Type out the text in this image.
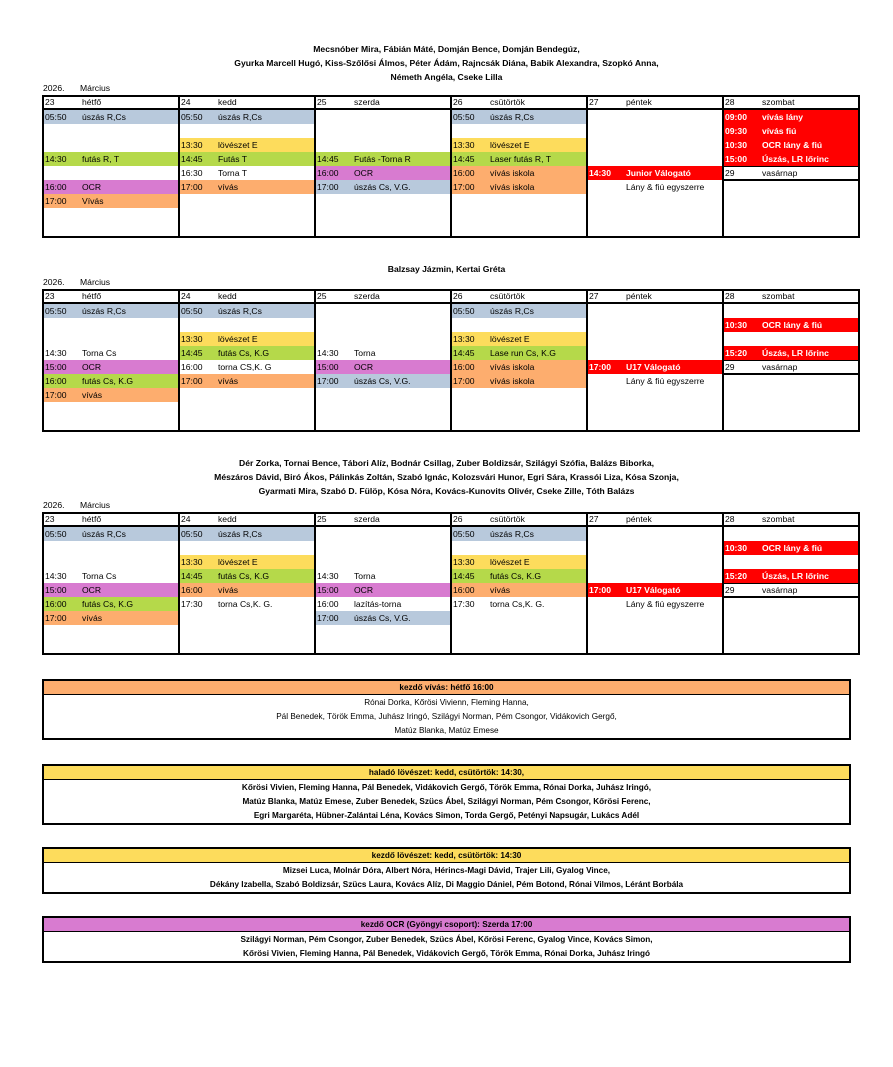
Mecsnóber Mira, Fábián Máté, Domján Bence, Domján Bendegúz,
Gyurka Marcell Hugó, Kiss-Szőlősi Álmos, Péter Ádám, Rajncsák Diána, Babik Alexandra, Szopkó Anna,
Németh Angéla, Cseke Lilla
2026. Március
23	hétfő
05:50	úszás R,Cs
14:30	futás R, T
16:00	OCR
17:00	Vívás

24	kedd
05:50	úszás R,Cs
13:30	lövészet E
14:45	Futás T
16:30	Torna T
17:00	vívás

25	szerda
14:45	Futás -Torna R
16:00	OCR
17:00	úszás Cs, V.G.

26	csütörtök
05:50	úszás R,Cs
13:30	lövészet E
14:45	Laser futás R, T
16:00	vívás iskola
17:00	vívás iskola

27	péntek
14:30	Junior Válogató
Lány & fiú egyszerre

28	szombat
09:00	vívás lány
09:30	vívás fiú
10:30	OCR lány & fiú
15:00	Úszás, LR lőrinc
29	vasárnap
Balzsay Jázmin, Kertai Gréta
2026. Március
23	hétfő
05:50	úszás R,Cs
14:30	Torna Cs
15:00	OCR
16:00	futás Cs, K.G
17:00	vívás

24	kedd
05:50	úszás R,Cs
13:30	lövészet E
14:45	futás Cs, K.G
16:00	torna CS,K. G
17:00	vívás

25	szerda
14:30	Torna
15:00	OCR
17:00	úszás Cs, V.G.

26	csütörtök
05:50	úszás R,Cs
13:30	lövészet E
14:45	Lase run Cs, K.G
16:00	vívás iskola
17:00	vívás iskola

27	péntek
17:00	U17 Válogató
Lány & fiú egyszerre

28	szombat
10:30	OCR lány & fiú
15:20	Úszás, LR lőrinc
29	vasárnap
Dér Zorka, Tornai Bence, Tábori Alíz, Bodnár Csillag, Zuber Boldizsár, Szilágyi Szófia, Balázs Biborka,
Mészáros Dávid, Biró Ákos, Pálinkás Zoltán, Szabó Ignác, Kolozsvári Hunor, Egri Sára, Krassói Liza, Kósa Szonja,
Gyarmati Mira, Szabó D. Fülöp, Kósa Nóra, Kovács-Kunovits Olivér, Cseke Zille, Tóth Balázs
2026. Március
23	hétfő
05:50	úszás R,Cs
14:30	Torna Cs
15:00	OCR
16:00	futás Cs, K.G
17:00	vívás

24	kedd
05:50	úszás R,Cs
13:30	lövészet E
14:45	futás Cs, K.G
16:00	vívás
17:30	torna Cs,K. G.

25	szerda
14:30	Torna
15:00	OCR
16:00	lazítás-torna
17:00	úszás Cs, V.G.

26	csütörtök
05:50	úszás R,Cs
13:30	lövészet E
14:45	futás Cs, K.G
16:00	vívás
17:30	torna Cs,K. G.

27	péntek
17:00	U17 Válogató
Lány & fiú egyszerre

28	szombat
10:30	OCR lány & fiú
15:20	Úszás, LR lőrinc
29	vasárnap
kezdő vívás: hétfő 16:00
Rónai Dorka, Kőrösi Vivienn, Fleming Hanna,
Pál Benedek, Török Emma, Juhász Iringó, Szilágyi Norman, Pém Csongor, Vidákovich Gergő,
Matúz Blanka, Matúz Emese
haladó lövészet: kedd, csütörtök: 14:30,
Kőrösi Vivien, Fleming Hanna, Pál Benedek, Vidákovich Gergő, Török Emma, Rónai Dorka, Juhász Iringó,
Matúz Blanka, Matúz Emese, Zuber Benedek, Szücs Ábel, Szilágyi Norman, Pém Csongor, Kőrösi Ferenc,
Egri Margaréta, Hübner-Zalántai Léna, Kovács Simon, Torda Gergő, Petényi Napsugár, Lukács Adél
kezdő lövészet: kedd, csütörtök: 14:30
Mizsei Luca, Molnár Dóra, Albert Nóra, Hérincs-Magi Dávid, Trajer Lili, Gyalog Vince,
Dékány Izabella, Szabó Boldizsár, Szücs Laura, Kovács Alíz, Di Maggio Dániel, Pém Botond, Rónai Vilmos, Léránt Borbála
kezdő OCR (Gyöngyi csoport): Szerda 17:00
Szilágyi Norman, Pém Csongor, Zuber Benedek, Szücs Ábel, Kőrösi Ferenc, Gyalog Vince, Kovács Simon,
Kőrösi Vivien, Fleming Hanna, Pál Benedek, Vidákovich Gergő, Török Emma, Rónai Dorka, Juhász Iringó
